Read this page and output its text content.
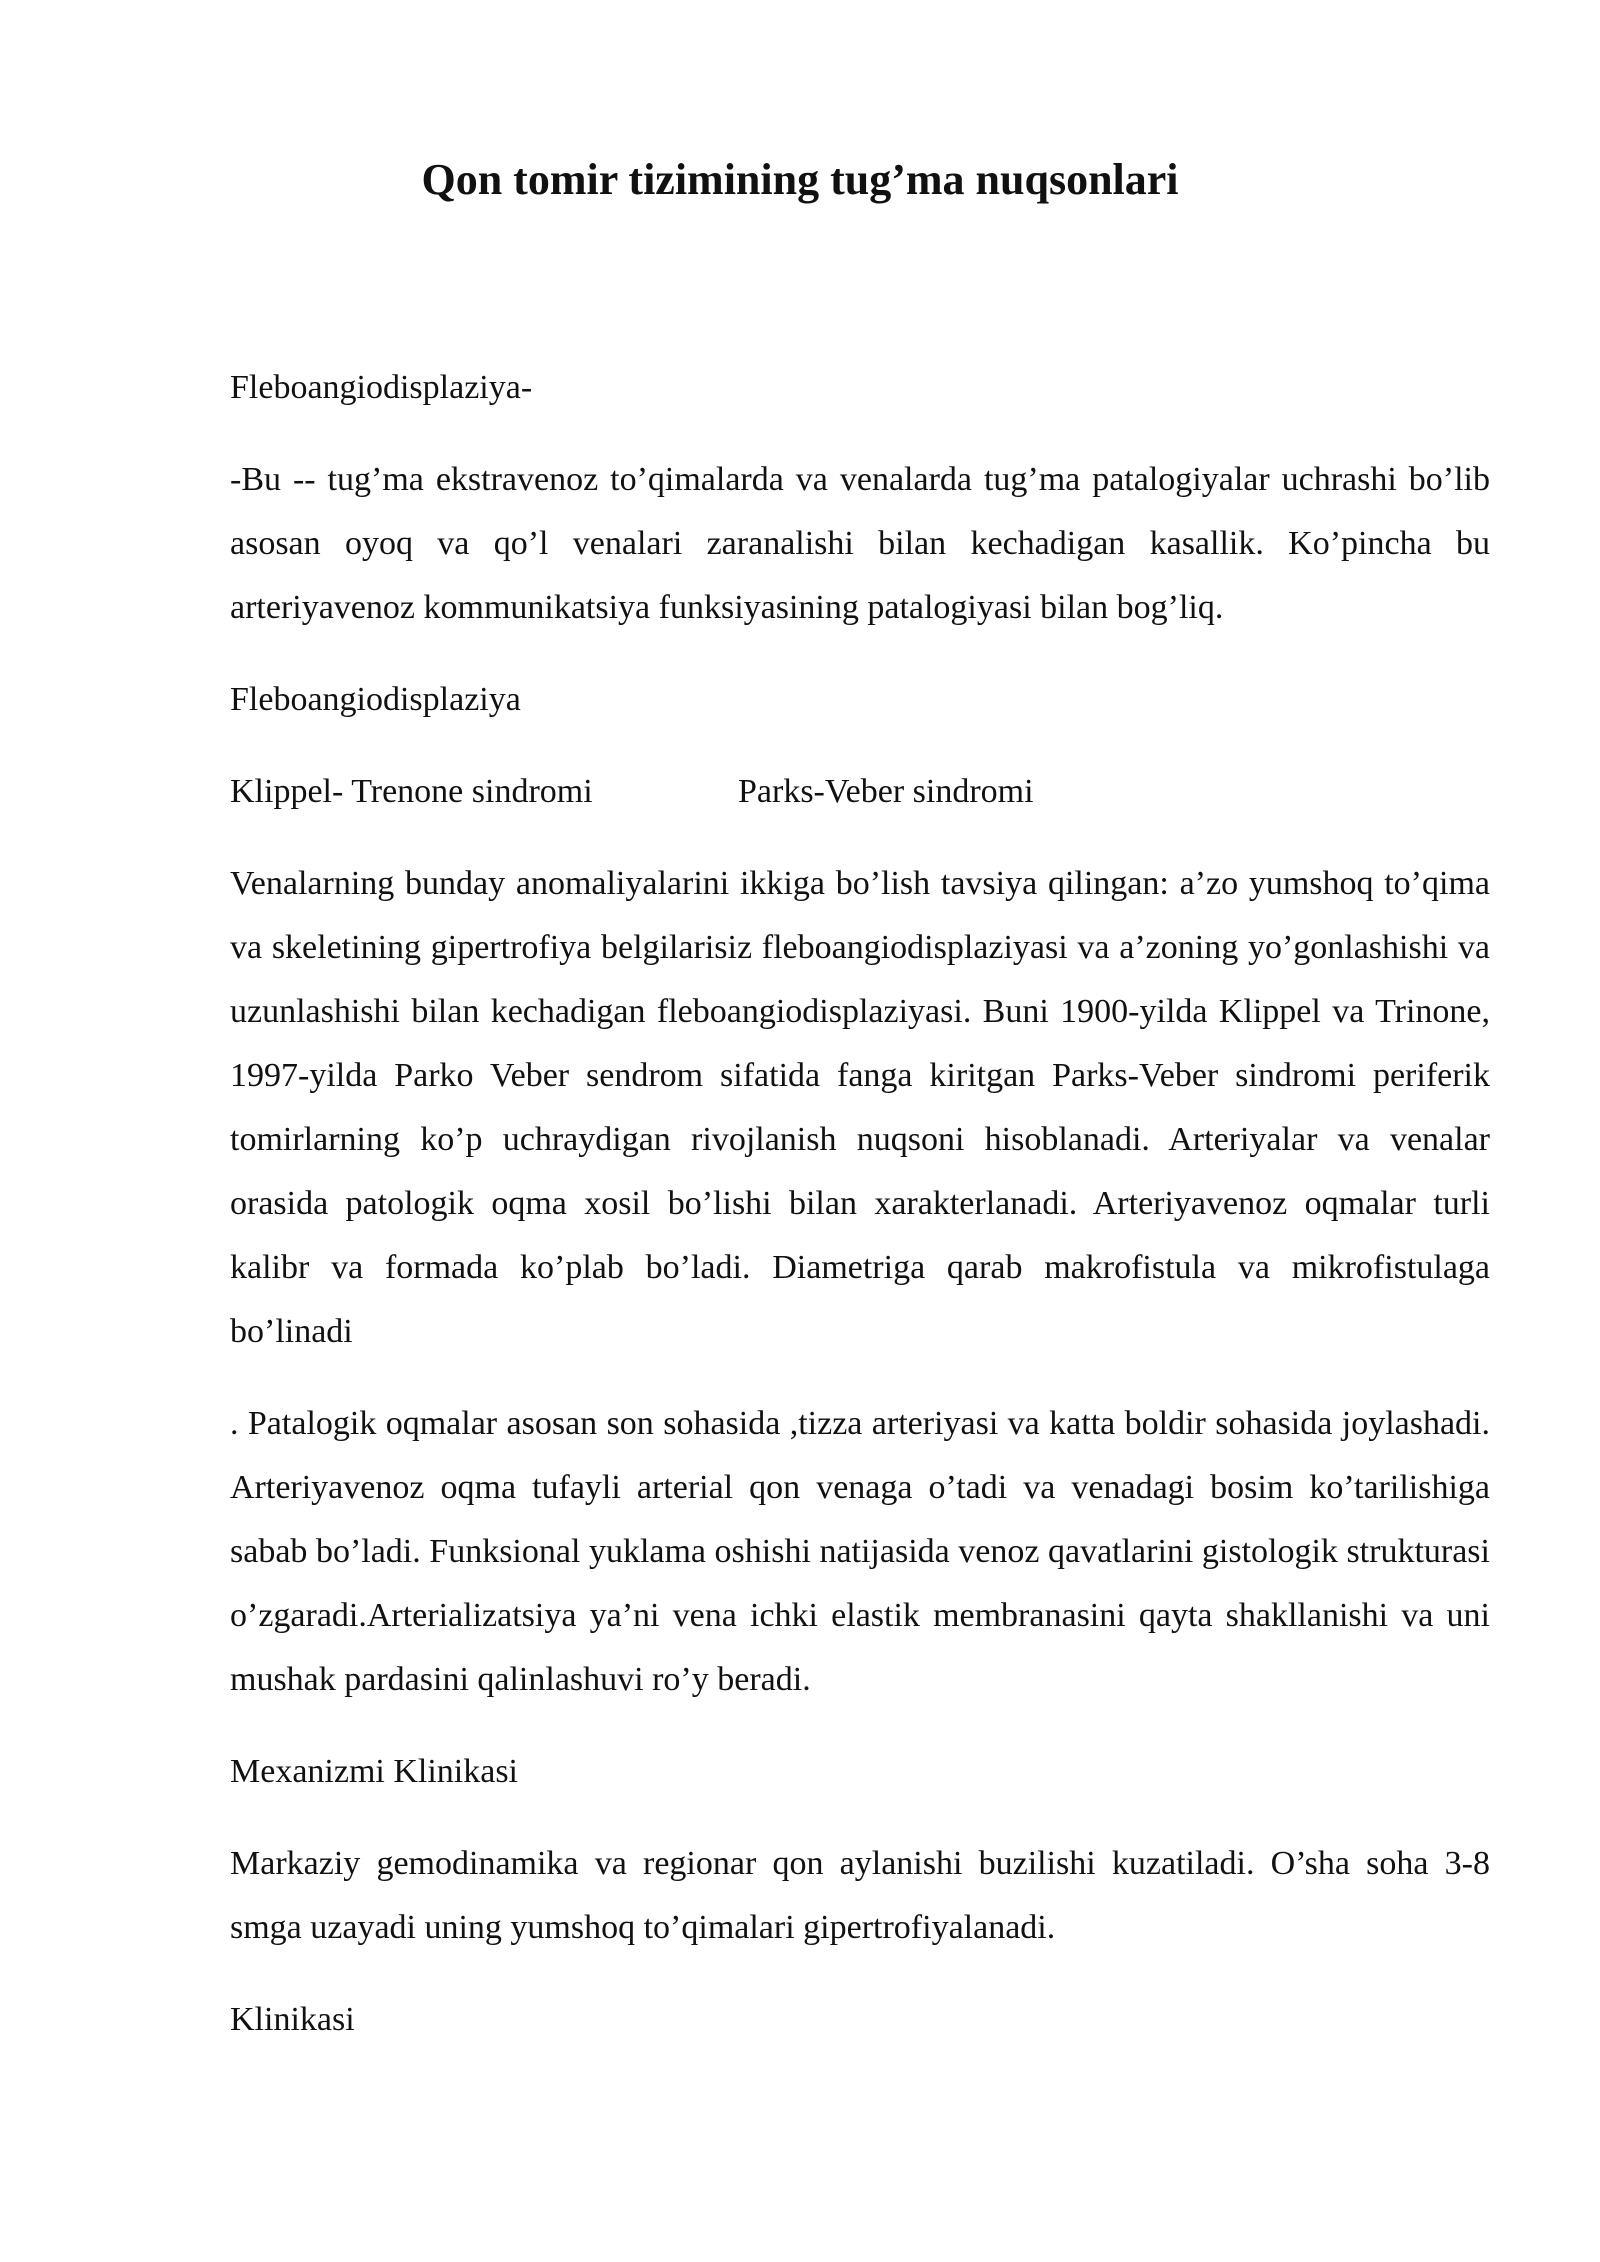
Qon tomir tizimining tug’ma nuqsonlari

Fleboangiodisplaziya-

-Bu -- tug’ma ekstravenoz to’qimalarda va venalarda tug’ma patalogiyalar uchrashi bo’lib asosan oyoq va qo’l venalari zaranalishi bilan kechadigan kasallik. Ko’pincha bu arteriyavenoz kommunikatsiya funksiyasining patalogiyasi bilan bog’liq.

Fleboangiodisplaziya

Klippel- Trenone sindromi	Parks-Veber sindromi

Venalarning bunday anomaliyalarini ikkiga bo’lish tavsiya qilingan: a’zo yumshoq to’qima va skeletining gipertrofiya belgilarisiz fleboangiodisplaziyasi va a’zoning yo’gonlashishi va uzunlashishi bilan kechadigan fleboangiodisplaziyasi. Buni 1900-yilda Klippel va Trinone, 1997-yilda Parko Veber sendrom sifatida fanga kiritgan Parks-Veber sindromi periferik tomirlarning ko’p uchraydigan rivojlanish nuqsoni hisoblanadi. Arteriyalar va venalar orasida patologik oqma xosil bo’lishi bilan xarakterlanadi. Arteriyavenoz oqmalar turli kalibr va formada ko’plab bo’ladi. Diametriga qarab makrofistula va mikrofistulaga bo’linadi

. Patalogik oqmalar asosan son sohasida ,tizza arteriyasi va katta boldir sohasida joylashadi. Arteriyavenoz oqma tufayli arterial qon venaga o’tadi va venadagi bosim ko’tarilishiga sabab bo’ladi. Funksional yuklama oshishi natijasida venoz qavatlarini gistologik strukturasi o’zgaradi.Arterializatsiya ya’ni vena ichki elastik membranasini qayta shakllanishi va uni mushak pardasini qalinlashuvi ro’y beradi.

Mexanizmi Klinikasi

Markaziy gemodinamika va regionar qon aylanishi buzilishi kuzatiladi. O’sha soha 3-8 smga uzayadi uning yumshoq to’qimalari gipertrofiyalanadi.

Klinikasi
